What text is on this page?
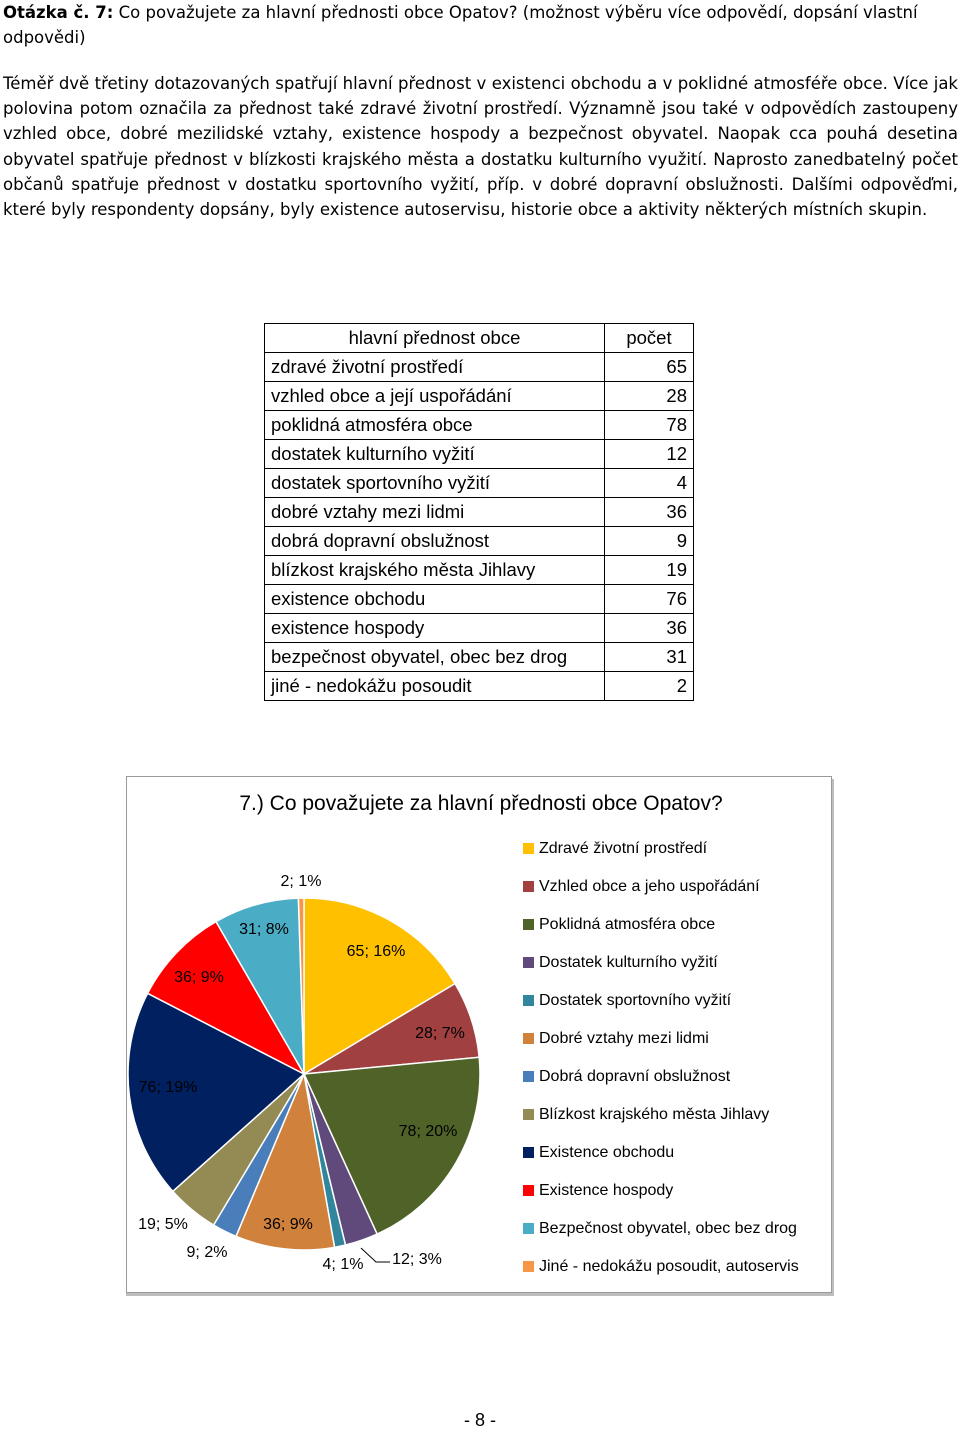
Otázka č. 7: Co považujete za hlavní přednosti obce Opatov? (možnost výběru více odpovědí, dopsání vlastní odpovědi)
Téměř dvě třetiny dotazovaných spatřují hlavní přednost v existenci obchodu a v poklidné atmosféře obce. Více jak polovina potom označila za přednost také zdravé životní prostředí. Významně jsou také v odpovědích zastoupeny vzhled obce, dobré mezilidské vztahy, existence hospody a bezpečnost obyvatel. Naopak cca pouhá desetina obyvatel spatřuje přednost v blízkosti krajského města a dostatku kulturního využití. Naprosto zanedbatelný počet občanů spatřuje přednost v dostatku sportovního vyžití, příp. v dobré dopravní obslužnosti. Dalšími odpověďmi, které byly respondenty dopsány, byly existence autoservisu, historie obce a aktivity některých místních skupin.
hlavní přednost obce	počet
zdravé životní prostředí	65
vzhled obce a její uspořádání	28
poklidná atmosféra obce	78
dostatek kulturního vyžití	12
dostatek sportovního vyžití	4
dobré vztahy mezi lidmi	36
dobrá dopravní obslužnost	9
blízkost krajského města Jihlavy	19
existence obchodu	76
existence hospody	36
bezpečnost obyvatel, obec bez drog	31
jiné - nedokážu posoudit	2
7.) Co považujete za hlavní přednosti obce Opatov?
65; 16%
28; 7%
78; 20%
12; 3%
4; 1%
36; 9%
9; 2%
19; 5%
76; 19%
36; 9%
31; 8%
2; 1%
Zdravé životní prostředí
Vzhled obce a jeho uspořádání
Poklidná atmosféra obce
Dostatek kulturního vyžití
Dostatek sportovního vyžití
Dobré vztahy mezi lidmi
Dobrá dopravní obslužnost
Blízkost krajského města Jihlavy
Existence obchodu
Existence hospody
Bezpečnost obyvatel, obec bez drog
Jiné - nedokážu posoudit, autoservis
- 8 -
